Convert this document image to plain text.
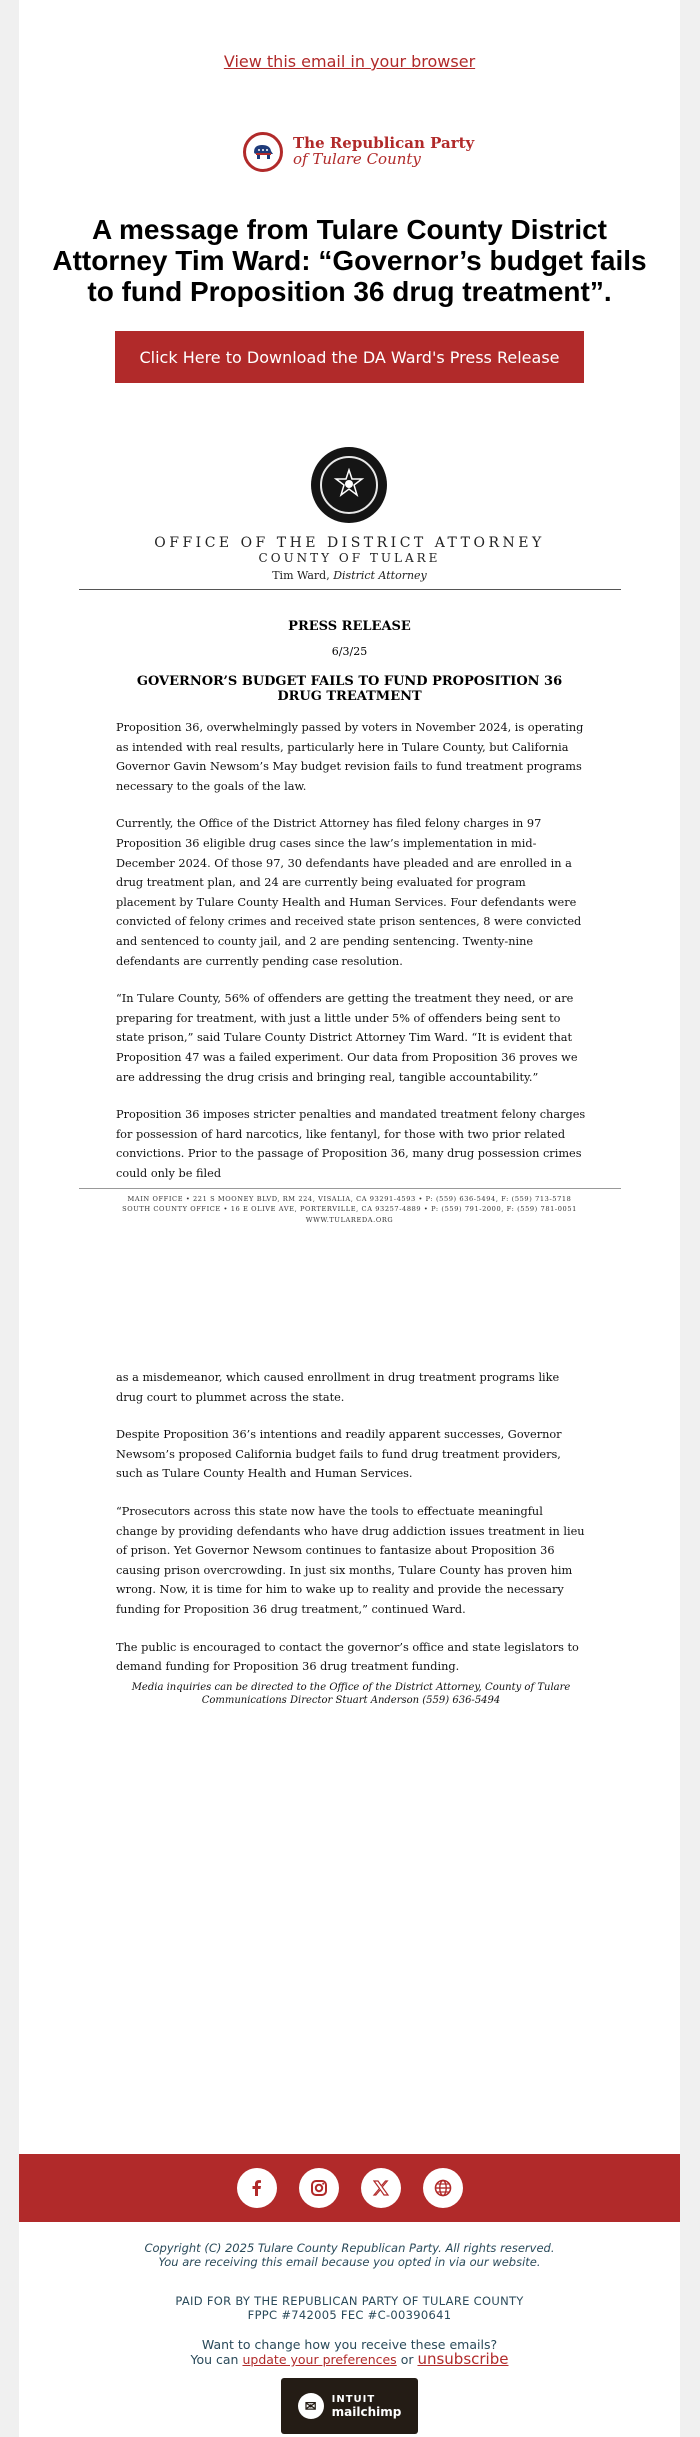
View this email in your browser
The Republican Party
of Tulare County
A message from Tulare County District Attorney Tim Ward: “Governor’s budget fails to fund Proposition 36 drug treatment”.
Click Here to Download the DA Ward's Press Release
OFFICE OF THE DISTRICT ATTORNEY
COUNTY OF TULARE
Tim Ward, District Attorney
PRESS RELEASE
6/3/25
GOVERNOR’S BUDGET FAILS TO FUND PROPOSITION 36 DRUG TREATMENT

Proposition 36, overwhelmingly passed by voters in November 2024, is operating as intended with real results, particularly here in Tulare County, but California Governor Gavin Newsom’s May budget revision fails to fund treatment programs necessary to the goals of the law.

Currently, the Office of the District Attorney has filed felony charges in 97 Proposition 36 eligible drug cases since the law’s implementation in mid-December 2024. Of those 97, 30 defendants have pleaded and are enrolled in a drug treatment plan, and 24 are currently being evaluated for program placement by Tulare County Health and Human Services. Four defendants were convicted of felony crimes and received state prison sentences, 8 were convicted and sentenced to county jail, and 2 are pending sentencing. Twenty-nine defendants are currently pending case resolution.

“In Tulare County, 56% of offenders are getting the treatment they need, or are preparing for treatment, with just a little under 5% of offenders being sent to state prison,” said Tulare County District Attorney Tim Ward. “It is evident that Proposition 47 was a failed experiment. Our data from Proposition 36 proves we are addressing the drug crisis and bringing real, tangible accountability.”

Proposition 36 imposes stricter penalties and mandated treatment felony charges for possession of hard narcotics, like fentanyl, for those with two prior related convictions. Prior to the passage of Proposition 36, many drug possession crimes could only be filed

MAIN OFFICE • 221 S MOONEY BLVD, RM 224, VISALIA, CA 93291-4593 • P: (559) 636-5494, F: (559) 713-5718
SOUTH COUNTY OFFICE • 16 E OLIVE AVE, PORTERVILLE, CA 93257-4889 • P: (559) 791-2000, F: (559) 781-0051
WWW.TULAREDA.ORG

as a misdemeanor, which caused enrollment in drug treatment programs like drug court to plummet across the state.

Despite Proposition 36’s intentions and readily apparent successes, Governor Newsom’s proposed California budget fails to fund drug treatment providers, such as Tulare County Health and Human Services.

“Prosecutors across this state now have the tools to effectuate meaningful change by providing defendants who have drug addiction issues treatment in lieu of prison. Yet Governor Newsom continues to fantasize about Proposition 36 causing prison overcrowding. In just six months, Tulare County has proven him wrong. Now, it is time for him to wake up to reality and provide the necessary funding for Proposition 36 drug treatment,” continued Ward.

The public is encouraged to contact the governor’s office and state legislators to demand funding for Proposition 36 drug treatment funding.

Media inquiries can be directed to the Office of the District Attorney, County of Tulare Communications Director Stuart Anderson (559) 636-5494
Copyright (C) 2025 Tulare County Republican Party. All rights reserved.
You are receiving this email because you opted in via our website.
PAID FOR BY THE REPUBLICAN PARTY OF TULARE COUNTY
FPPC #742005 FEC #C-00390641
Want to change how you receive these emails?
You can update your preferences or unsubscribe
✉	INTUIT
mailchimp
